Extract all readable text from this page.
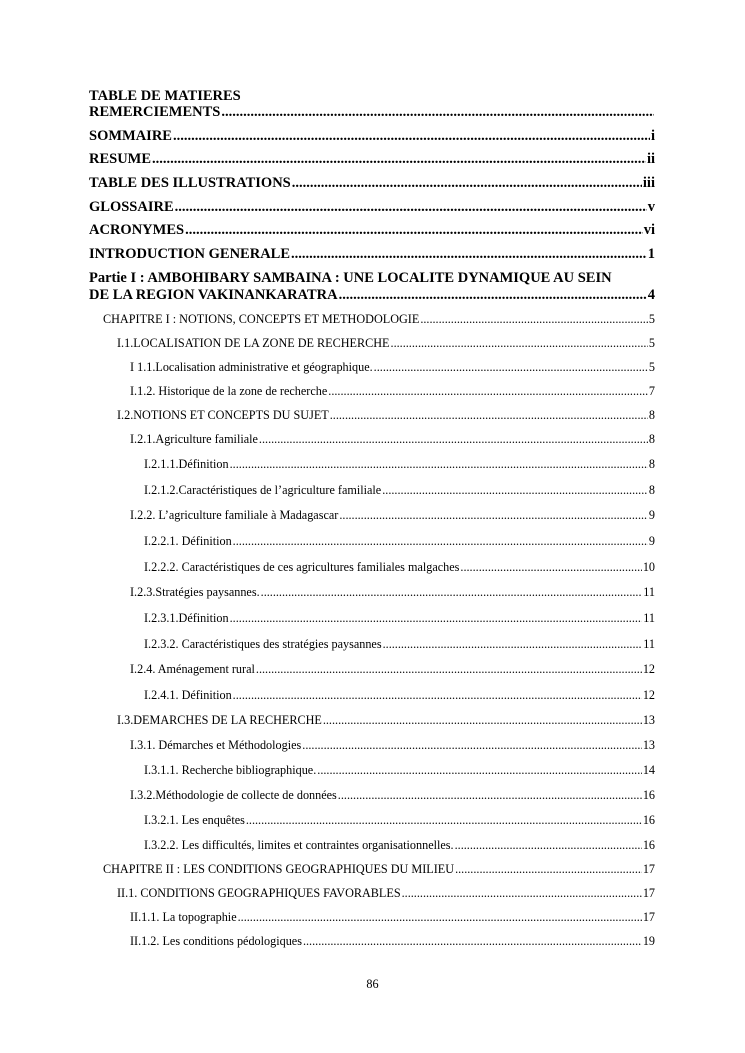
TABLE DE MATIERES
REMERCIEMENTS
.....
SOMMAIRE .....	i
RESUME .....	ii
TABLE DES ILLUSTRATIONS .....	iii
GLOSSAIRE .....	v
ACRONYMES .....	vi
INTRODUCTION GENERALE .....	1
Partie I : AMBOHIBARY SAMBAINA : UNE LOCALITE DYNAMIQUE AU SEIN
DE LA REGION VAKINANKARATRA .....	4
CHAPITRE I : NOTIONS, CONCEPTS ET METHODOLOGIE .....	5
I.1.LOCALISATION DE LA ZONE DE RECHERCHE .....	5
I 1.1.Localisation administrative et géographique. .....	5
I.1.2. Historique de la zone de recherche .....	7
I.2.NOTIONS ET CONCEPTS DU SUJET .....	8
I.2.1.Agriculture familiale .....	8
I.2.1.1.Définition .....	8
I.2.1.2.Caractéristiques de l’agriculture familiale .....	8
I.2.2. L’agriculture familiale à Madagascar .....	9
I.2.2.1. Définition .....	9
I.2.2.2. Caractéristiques de ces agricultures familiales malgaches .....	10
I.2.3.Stratégies paysannes. .....	11
I.2.3.1.Définition .....	11
I.2.3.2. Caractéristiques des stratégies paysannes .....	11
I.2.4. Aménagement rural .....	12
I.2.4.1. Définition .....	12
I.3.DEMARCHES DE LA RECHERCHE .....	13
I.3.1. Démarches et Méthodologies .....	13
I.3.1.1. Recherche bibliographique. .....	14
I.3.2.Méthodologie de collecte de données .....	16
I.3.2.1. Les enquêtes .....	16
I.3.2.2. Les difficultés, limites et contraintes organisationnelles. .....	16
CHAPITRE II : LES CONDITIONS GEOGRAPHIQUES DU MILIEU .....	17
II.1. CONDITIONS GEOGRAPHIQUES FAVORABLES .....	17
II.1.1. La topographie .....	17
II.1.2. Les conditions pédologiques .....	19
86
